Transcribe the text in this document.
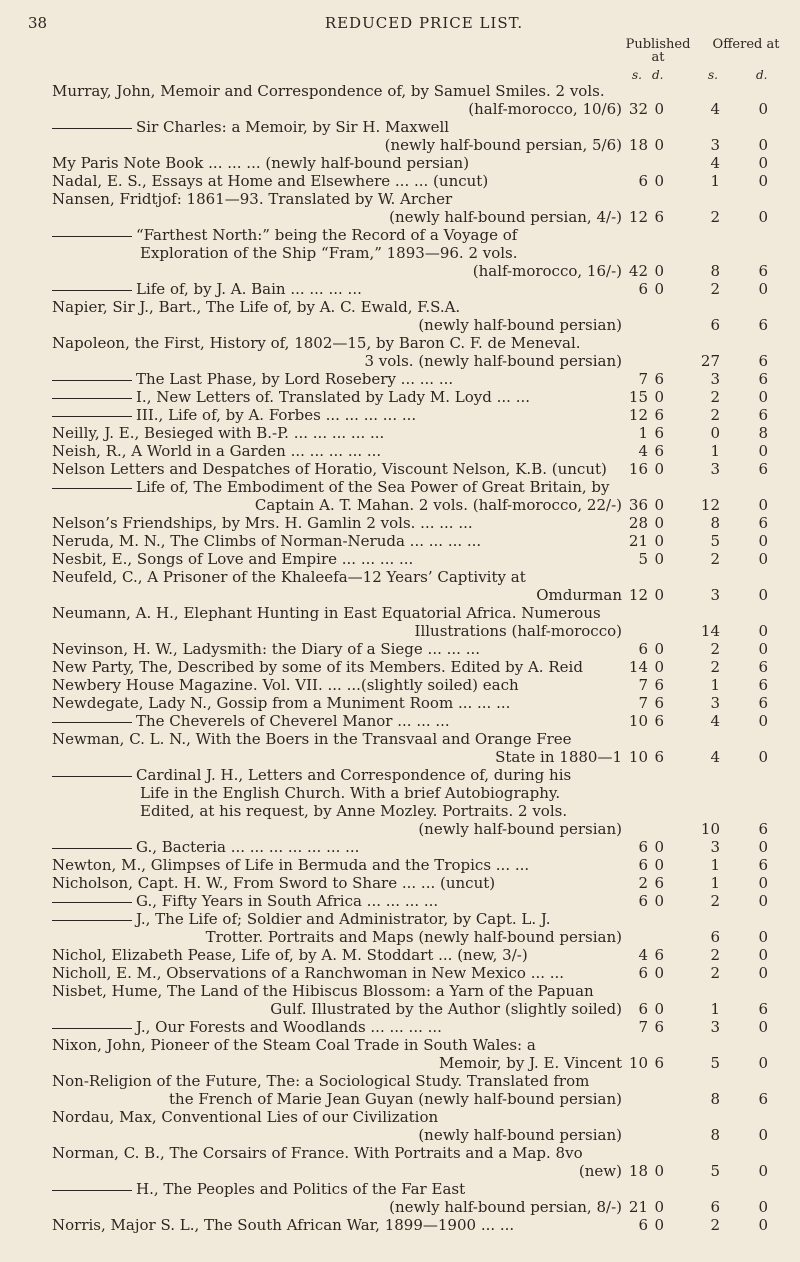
38	REDUCED PRICE LIST.
Published at
Offered at
s. d.	s.	d.
Murray, John, Memoir and Correspondence of, by Samuel Smiles. 2 vols.
(half-morocco, 10/6) 32 0	4	0
Sir Charles: a Memoir, by Sir H. Maxwell
(newly half-bound persian, 5/6) 18 0	3	0
My Paris Note Book ... ... ... (newly half-bound persian)	4	0
Nadal, E. S., Essays at Home and Elsewhere ... ... (uncut)	6 0	1	0
Nansen, Fridtjof: 1861—93. Translated by W. Archer
(newly half-bound persian, 4/-) 12 6	2	0
“Farthest North:” being the Record of a Voyage of
Exploration of the Ship “Fram,” 1893—96. 2 vols.
(half-morocco, 16/-) 42 0	8	6
Life of, by J. A. Bain ... ... ... ...	6 0	2	0
Napier, Sir J., Bart., The Life of, by A. C. Ewald, F.S.A.
(newly half-bound persian)	6	6
Napoleon, the First, History of, 1802—15, by Baron C. F. de Meneval.
3 vols. (newly half-bound persian)	27	6
The Last Phase, by Lord Rosebery ... ... ...	7 6	3	6
I., New Letters of. Translated by Lady M. Loyd ... ...	15 0	2	0
III., Life of, by A. Forbes ... ... ... ... ...	12 6	2	6
Neilly, J. E., Besieged with B.-P. ... ... ... ... ...	1 6	0	8
Neish, R., A World in a Garden ... ... ... ... ...	4 6	1	0
Nelson Letters and Despatches of Horatio, Viscount Nelson, K.B. (uncut)	16 0	3	6
Life of, The Embodiment of the Sea Power of Great Britain, by
Captain A. T. Mahan. 2 vols. (half-morocco, 22/-) 36 0	12	0
Nelson’s Friendships, by Mrs. H. Gamlin 2 vols. ... ... ...	28 0	8	6
Neruda, M. N., The Climbs of Norman-Neruda ... ... ... ...	21 0	5	0
Nesbit, E., Songs of Love and Empire ... ... ... ...	5 0	2	0
Neufeld, C., A Prisoner of the Khaleefa—12 Years’ Captivity at
Omdurman 12 0	3	0
Neumann, A. H., Elephant Hunting in East Equatorial Africa. Numerous
Illustrations (half-morocco)	14	0
Nevinson, H. W., Ladysmith: the Diary of a Siege ... ... ...	6 0	2	0
New Party, The, Described by some of its Members. Edited by A. Reid	14 0	2	6
Newbery House Magazine. Vol. VII. ... ...(slightly soiled) each	7 6	1	6
Newdegate, Lady N., Gossip from a Muniment Room ... ... ...	7 6	3	6
The Cheverels of Cheverel Manor ... ... ...	10 6	4	0
Newman, C. L. N., With the Boers in the Transvaal and Orange Free
State in 1880—1 10 6	4	0
Cardinal J. H., Letters and Correspondence of, during his
Life in the English Church. With a brief Autobiography.
Edited, at his request, by Anne Mozley. Portraits. 2 vols.
(newly half-bound persian)	10	6
G., Bacteria ... ... ... ... ... ... ...	6 0	3	0
Newton, M., Glimpses of Life in Bermuda and the Tropics ... ...	6 0	1	6
Nicholson, Capt. H. W., From Sword to Share ... ... (uncut)	2 6	1	0
G., Fifty Years in South Africa ... ... ... ...	6 0	2	0
J., The Life of; Soldier and Administrator, by Capt. L. J.
Trotter. Portraits and Maps (newly half-bound persian)	6	0
Nichol, Elizabeth Pease, Life of, by A. M. Stoddart ... (new, 3/-)	4 6	2	0
Nicholl, E. M., Observations of a Ranchwoman in New Mexico ... ...	6 0	2	0
Nisbet, Hume, The Land of the Hibiscus Blossom: a Yarn of the Papuan
Gulf. Illustrated by the Author (slightly soiled)	6 0	1	6
J., Our Forests and Woodlands ... ... ... ...	7 6	3	0
Nixon, John, Pioneer of the Steam Coal Trade in South Wales: a
Memoir, by J. E. Vincent 10 6	5	0
Non-Religion of the Future, The: a Sociological Study. Translated from
the French of Marie Jean Guyan (newly half-bound persian)	8	6
Nordau, Max, Conventional Lies of our Civilization
(newly half-bound persian)	8	0
Norman, C. B., The Corsairs of France. With Portraits and a Map. 8vo
(new) 18 0	5	0
H., The Peoples and Politics of the Far East
(newly half-bound persian, 8/-) 21 0	6	0
Norris, Major S. L., The South African War, 1899—1900 ... ...	6 0	2	0
